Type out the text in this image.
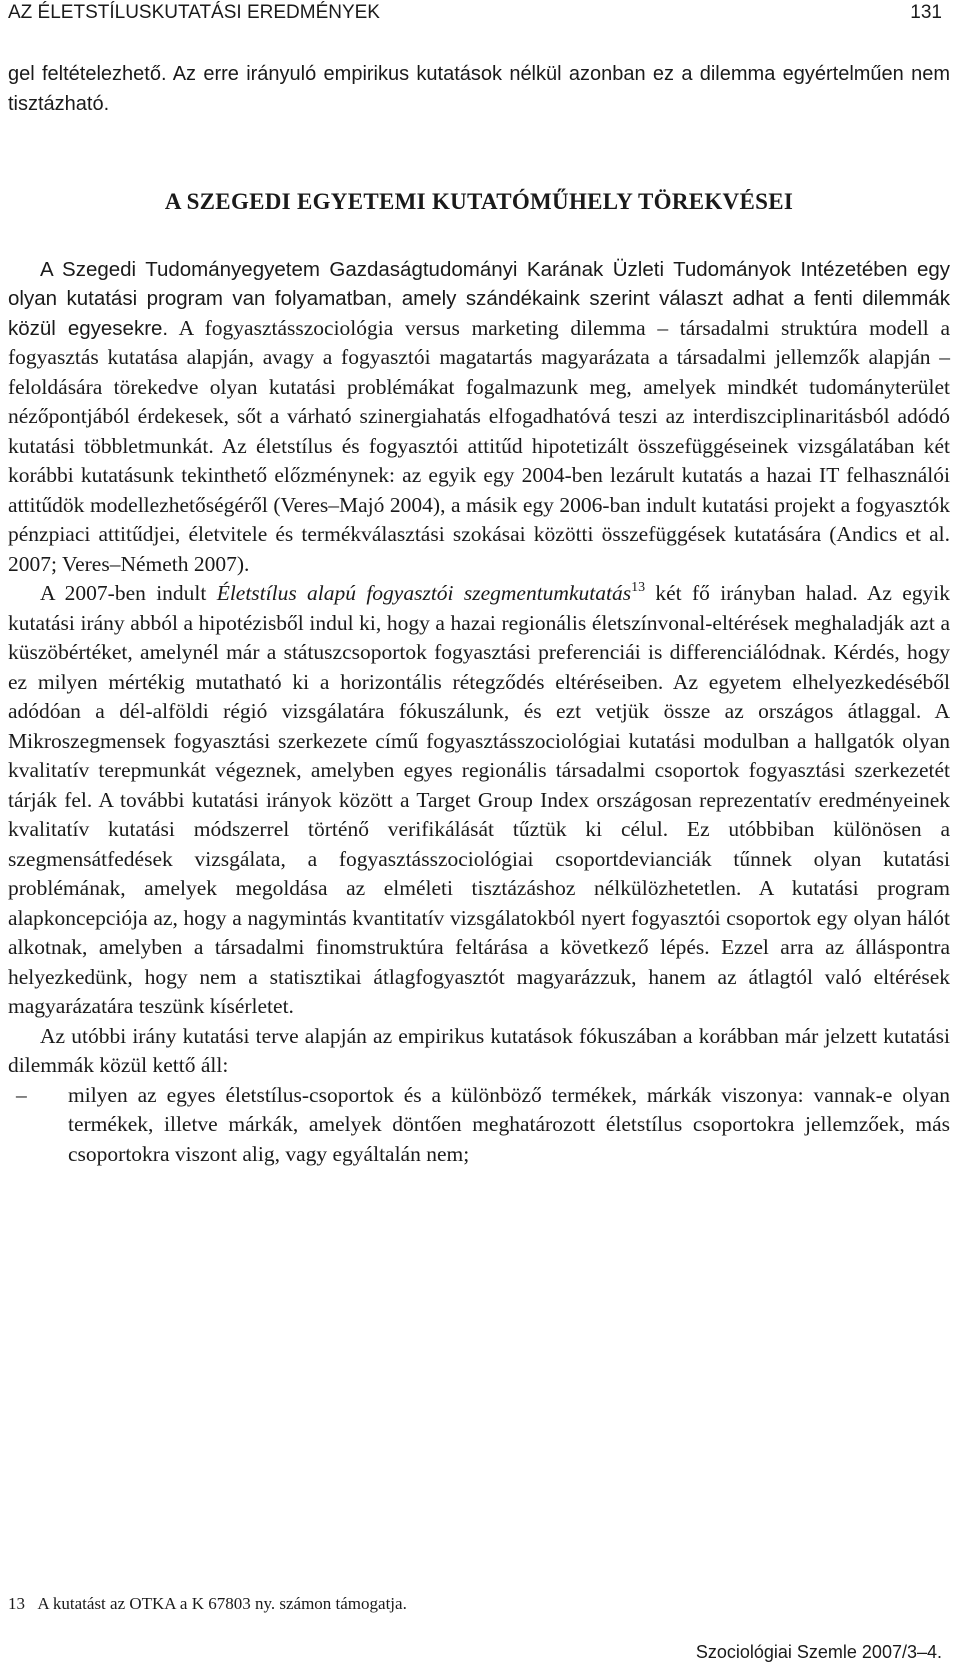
AZ ÉLETSTÍLUSKUTATÁSI EREDMÉNYEK	131

gel feltételezhető. Az erre irányuló empirikus kutatások nélkül azonban ez a dilemma egyértelműen nem tisztázható.

A SZEGEDI EGYETEMI KUTATÓMŰHELY TÖREKVÉSEI

A Szegedi Tudományegyetem Gazdaságtudományi Karának Üzleti Tudományok Intézetében egy olyan kutatási program van folyamatban, amely szándékaink szerint választ adhat a fenti dilemmák közül egyesekre. A fogyasztásszociológia versus marketing dilemma – társadalmi struktúra modell a fogyasztás kutatása alapján, avagy a fogyasztói magatartás magyarázata a társadalmi jellemzők alapján – feloldására törekedve olyan kutatási problémákat fogalmazunk meg, amelyek mindkét tudományterület nézőpontjából érdekesek, sőt a várható szinergiahatás elfogadhatóvá teszi az interdiszciplinaritásból adódó kutatási többletmunkát. Az életstílus és fogyasztói attitűd hipotetizált összefüggéseinek vizsgálatában két korábbi kutatásunk tekinthető előzménynek: az egyik egy 2004-ben lezárult kutatás a hazai IT felhasználói attitűdök modellezhetőségéről (Veres–Majó 2004), a másik egy 2006-ban indult kutatási projekt a fogyasztók pénzpiaci attitűdjei, életvitele és termékválasztási szokásai közötti összefüggések kutatására (Andics et al. 2007; Veres–Németh 2007).

A 2007-ben indult Életstílus alapú fogyasztói szegmentumkutatás$^{13}$ két fő irányban halad. Az egyik kutatási irány abból a hipotézisből indul ki, hogy a hazai regionális életszínvonal-eltérések meghaladják azt a küszöbértéket, amelynél már a státuszcsoportok fogyasztási preferenciái is differenciálódnak. Kérdés, hogy ez milyen mértékig mutatható ki a horizontális rétegződés eltéréseiben. Az egyetem elhelyezkedéséből adódóan a dél-alföldi régió vizsgálatára fókuszálunk, és ezt vetjük össze az országos átlaggal. A Mikroszegmensek fogyasztási szerkezete című fogyasztásszociológiai kutatási modulban a hallgatók olyan kvalitatív terepmunkát végeznek, amelyben egyes regionális társadalmi csoportok fogyasztási szerkezetét tárják fel. A további kutatási irányok között a Target Group Index országosan reprezentatív eredményeinek kvalitatív kutatási módszerrel történő verifikálását tűztük ki célul. Ez utóbbiban különösen a szegmensátfedések vizsgálata, a fogyasztásszociológiai csoportdevianciák tűnnek olyan kutatási problémának, amelyek megoldása az elméleti tisztázáshoz nélkülözhetetlen. A kutatási program alapkoncepciója az, hogy a nagymintás kvantitatív vizsgálatokból nyert fogyasztói csoportok egy olyan hálót alkotnak, amelyben a társadalmi finomstruktúra feltárása a következő lépés. Ezzel arra az álláspontra helyezkedünk, hogy nem a statisztikai átlagfogyasztót magyarázzuk, hanem az átlagtól való eltérések magyarázatára teszünk kísérletet.

Az utóbbi irány kutatási terve alapján az empirikus kutatások fókuszában a korábban már jelzett kutatási dilemmák közül kettő áll:

– milyen az egyes életstílus-csoportok és a különböző termékek, márkák viszonya: vannak-e olyan termékek, illetve márkák, amelyek döntően meghatározott életstílus csoportokra jellemzőek, más csoportokra viszont alig, vagy egyáltalán nem;
13 A kutatást az OTKA a K 67803 ny. számon támogatja.
Szociológiai Szemle 2007/3–4.
